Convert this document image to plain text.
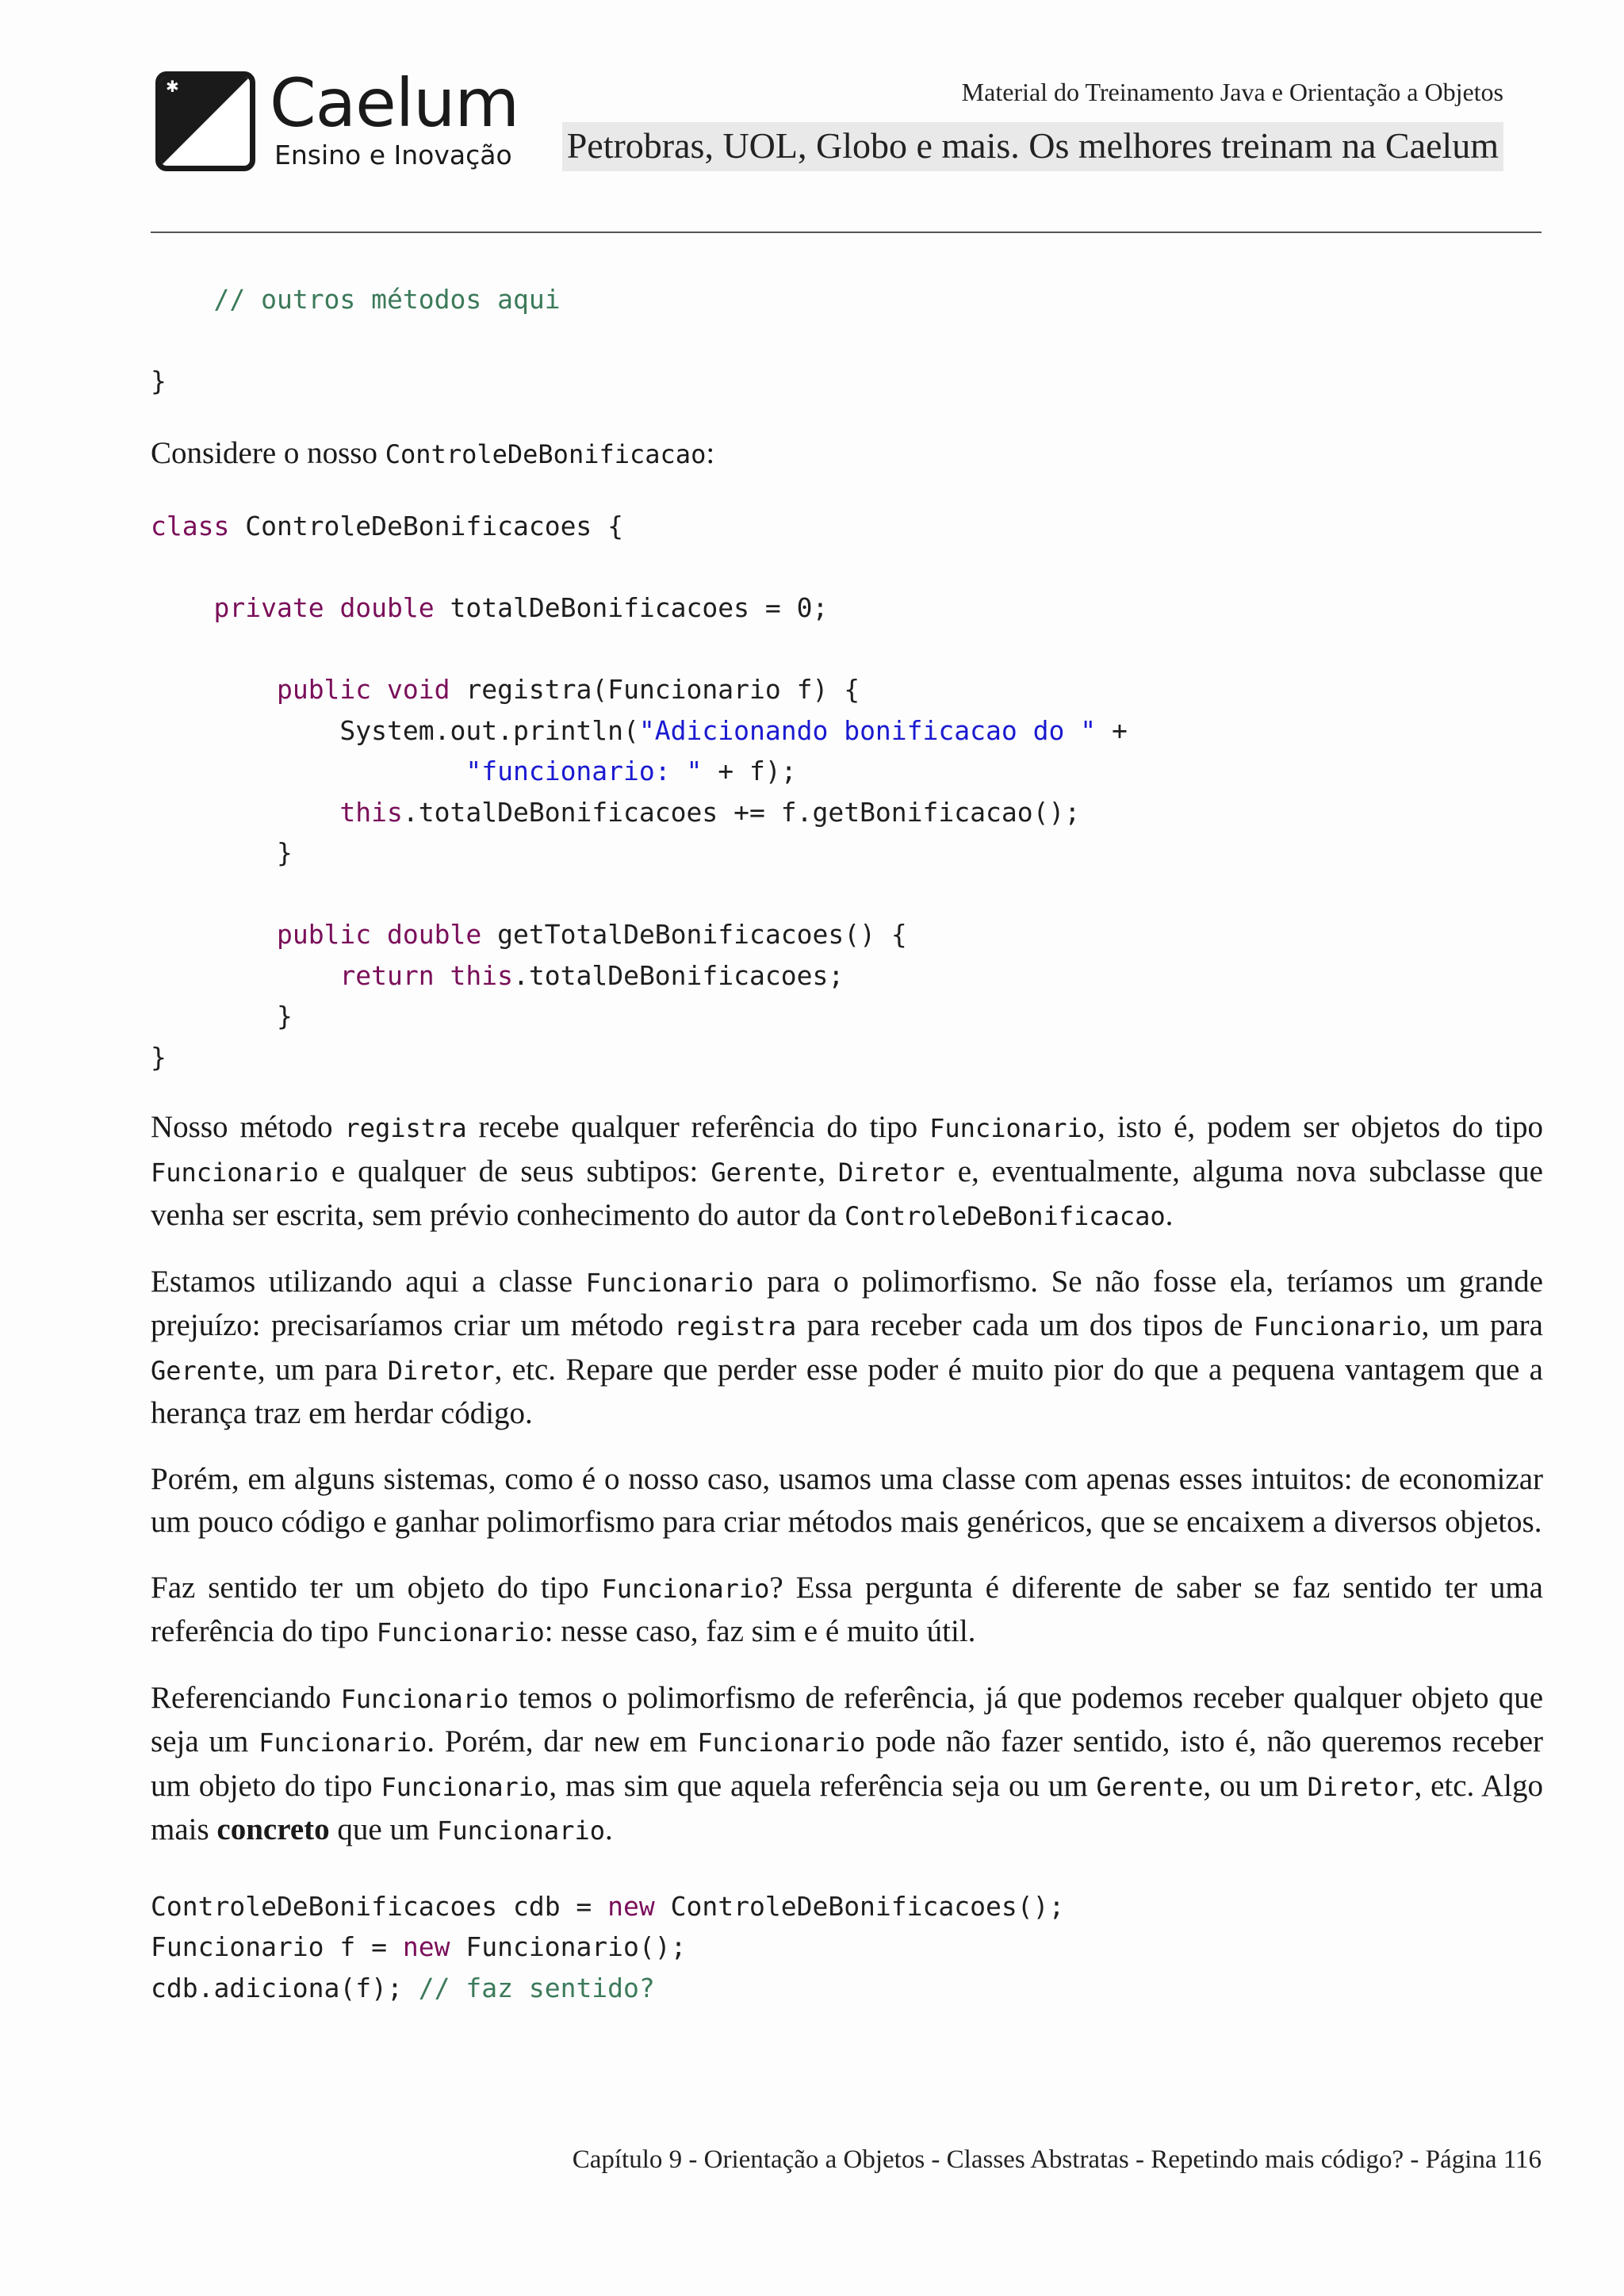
✱ Caelum
Ensino e Inovação
Material do Treinamento Java e Orientação a Objetos
Petrobras, UOL, Globo e mais. Os melhores treinam na Caelum
// outros métodos aqui

}

Considere o nosso ControleDeBonificacao:

class ControleDeBonificacoes {

private double totalDeBonificacoes = 0;

public void registra(Funcionario f) {
System.out.println("Adicionando bonificacao do " +
"funcionario: " + f);
this.totalDeBonificacoes += f.getBonificacao();
}

public double getTotalDeBonificacoes() {
return this.totalDeBonificacoes;
}
}

Nosso método registra recebe qualquer referência do tipo Funcionario, isto é, podem ser objetos do tipo Funcionario e qualquer de seus subtipos: Gerente, Diretor e, eventualmente, alguma nova subclasse que venha ser escrita, sem prévio conhecimento do autor da ControleDeBonificacao.

Estamos utilizando aqui a classe Funcionario para o polimorfismo. Se não fosse ela, teríamos um grande prejuízo: precisaríamos criar um método registra para receber cada um dos tipos de Funcionario, um para Gerente, um para Diretor, etc. Repare que perder esse poder é muito pior do que a pequena vantagem que a herança traz em herdar código.

Porém, em alguns sistemas, como é o nosso caso, usamos uma classe com apenas esses intuitos: de economizar um pouco código e ganhar polimorfismo para criar métodos mais genéricos, que se encaixem a diversos objetos.

Faz sentido ter um objeto do tipo Funcionario? Essa pergunta é diferente de saber se faz sentido ter uma referência do tipo Funcionario: nesse caso, faz sim e é muito útil.

Referenciando Funcionario temos o polimorfismo de referência, já que podemos receber qualquer objeto que seja um Funcionario. Porém, dar new em Funcionario pode não fazer sentido, isto é, não queremos receber um objeto do tipo Funcionario, mas sim que aquela referência seja ou um Gerente, ou um Diretor, etc. Algo mais concreto que um Funcionario.

ControleDeBonificacoes cdb = new ControleDeBonificacoes();
Funcionario f = new Funcionario();
cdb.adiciona(f); // faz sentido?
Capítulo 9 - Orientação a Objetos - Classes Abstratas - Repetindo mais código? - Página 116
